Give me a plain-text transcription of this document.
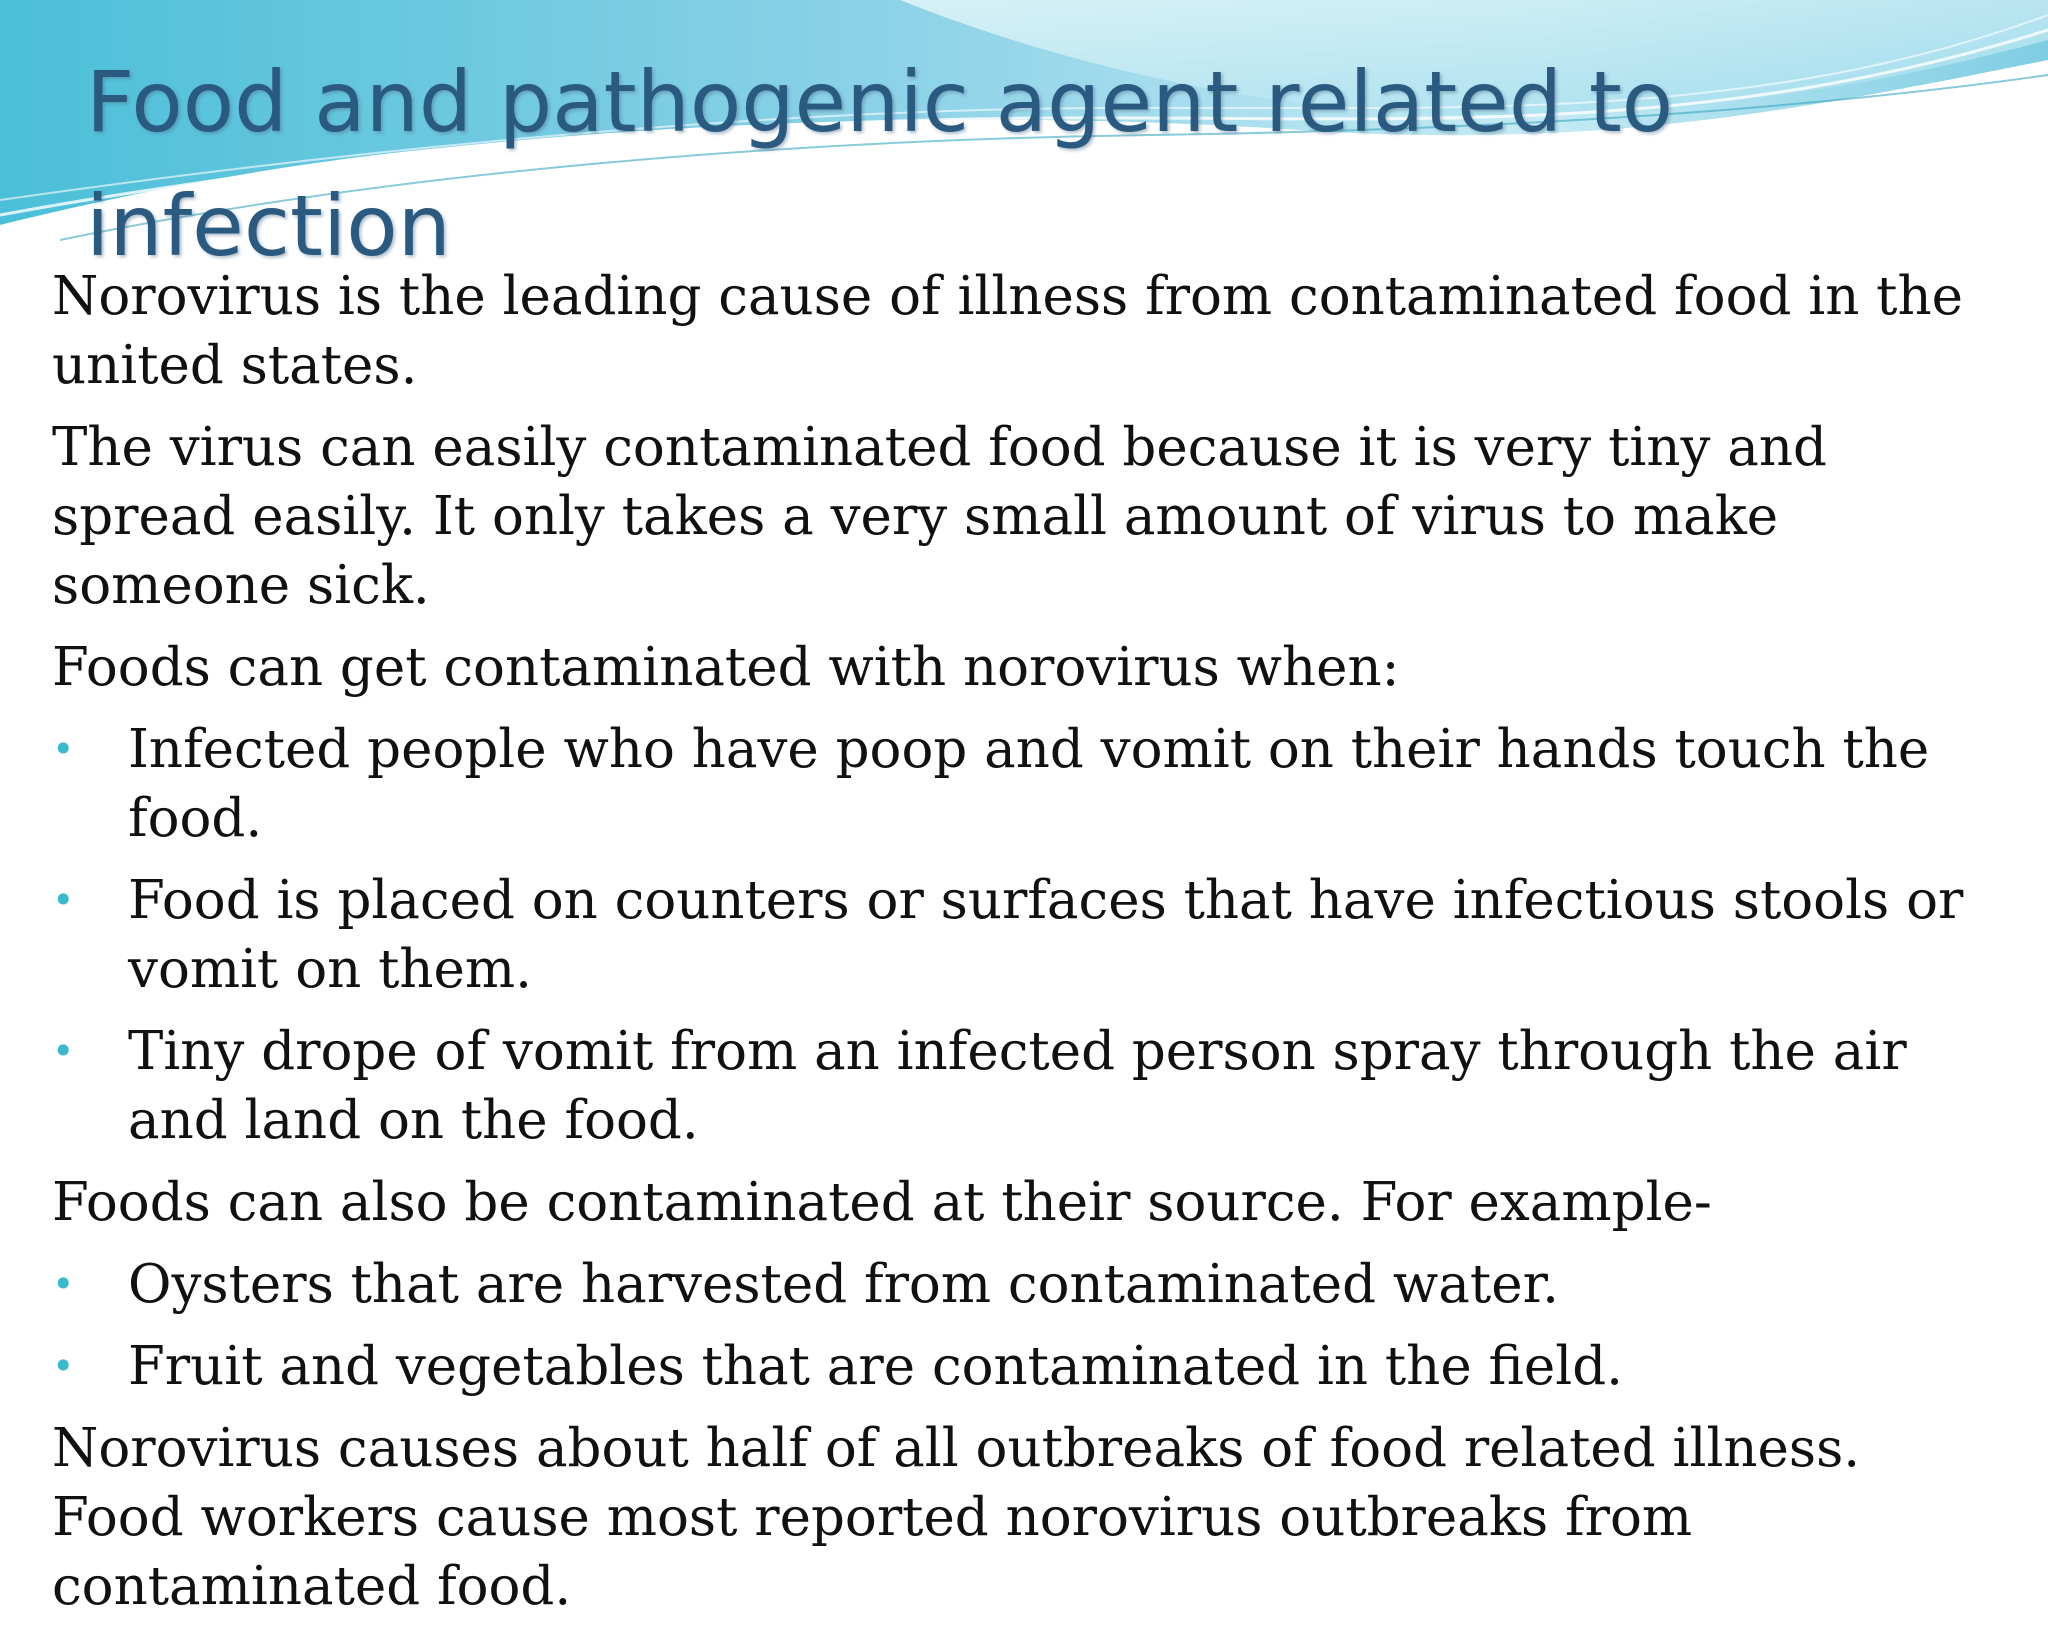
Food and pathogenic agent related to infection

Norovirus is the leading cause of illness from contaminated food in the united states.

The virus can easily contaminated food because it is very tiny and spread easily. It only takes a very small amount of virus to make someone sick.

Foods can get contaminated with norovirus when:

• Infected people who have poop and vomit on their hands touch the food.
• Food is placed on counters or surfaces that have infectious stools or vomit on them.
• Tiny drope of vomit from an infected person spray through the air and land on the food.

Foods can also be contaminated at their source. For example-

• Oysters that are harvested from contaminated water.
• Fruit and vegetables that are contaminated in the field.

Norovirus causes about half of all outbreaks of food related illness. Food workers cause most reported norovirus outbreaks from contaminated food.
